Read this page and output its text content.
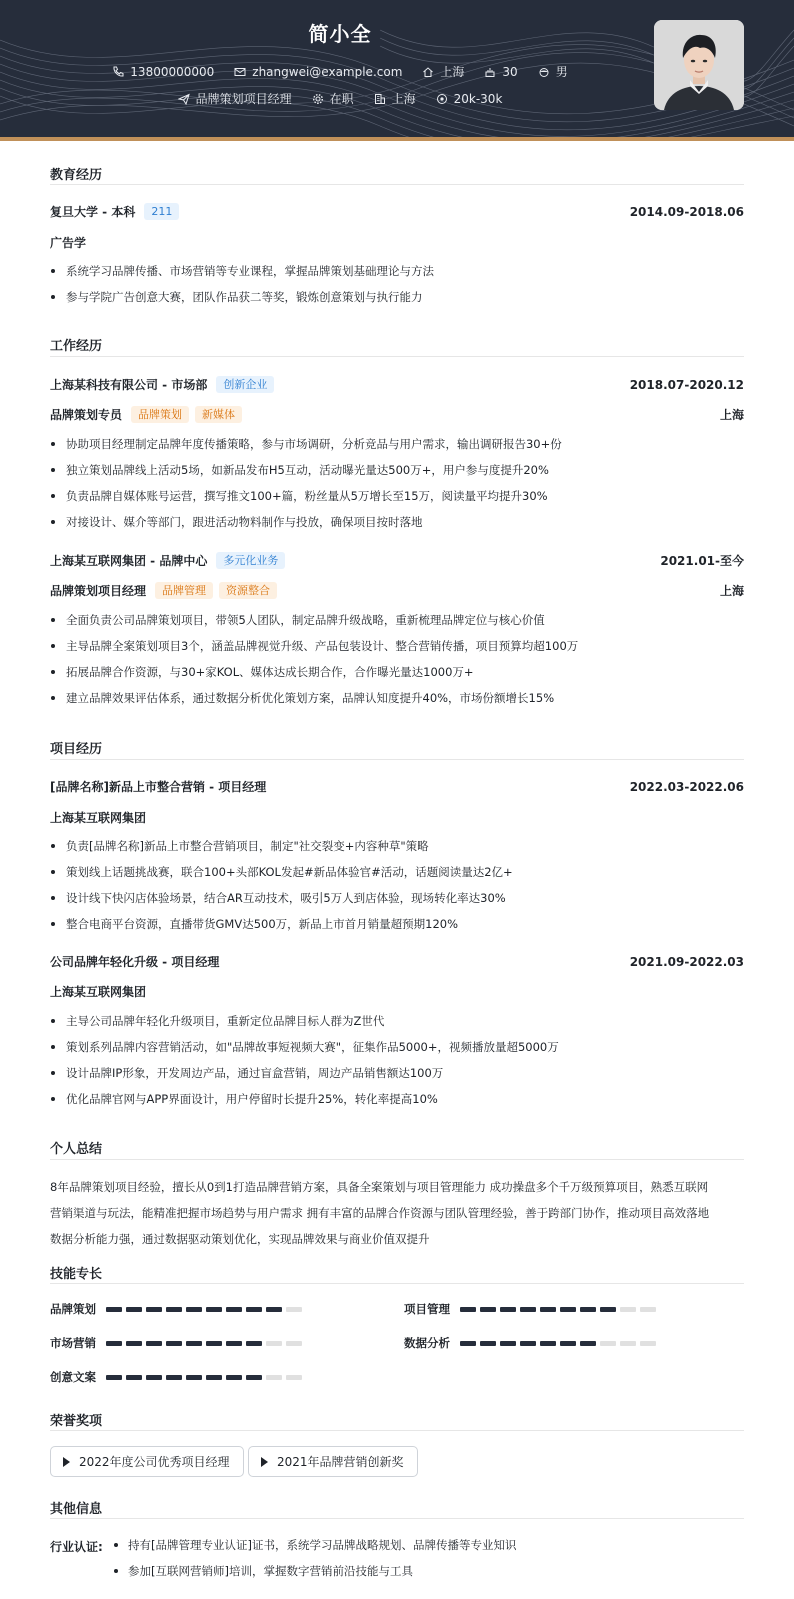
简小全
13800000000	zhangwei@example.com	上海	30	男
品牌策划项目经理	在职	上海	20k-30k
教育经历
复旦大学 - 本科	211	2014.09-2018.06
广告学
系统学习品牌传播、市场营销等专业课程，掌握品牌策划基础理论与方法
参与学院广告创意大赛，团队作品获二等奖，锻炼创意策划与执行能力
工作经历
上海某科技有限公司 - 市场部	创新企业	2018.07-2020.12
品牌策划专员	品牌策划	新媒体	上海
协助项目经理制定品牌年度传播策略，参与市场调研，分析竞品与用户需求，输出调研报告30+份
独立策划品牌线上活动5场，如新品发布H5互动，活动曝光量达500万+，用户参与度提升20%
负责品牌自媒体账号运营，撰写推文100+篇，粉丝量从5万增长至15万，阅读量平均提升30%
对接设计、媒介等部门，跟进活动物料制作与投放，确保项目按时落地
上海某互联网集团 - 品牌中心	多元化业务	2021.01-至今
品牌策划项目经理	品牌管理	资源整合	上海
全面负责公司品牌策划项目，带领5人团队，制定品牌升级战略，重新梳理品牌定位与核心价值
主导品牌全案策划项目3个，涵盖品牌视觉升级、产品包装设计、整合营销传播，项目预算均超100万
拓展品牌合作资源，与30+家KOL、媒体达成长期合作，合作曝光量达1000万+
建立品牌效果评估体系，通过数据分析优化策划方案，品牌认知度提升40%，市场份额增长15%
项目经历
[品牌名称]新品上市整合营销 - 项目经理	2022.03-2022.06
上海某互联网集团
负责[品牌名称]新品上市整合营销项目，制定"社交裂变+内容种草"策略
策划线上话题挑战赛，联合100+头部KOL发起#新品体验官#活动，话题阅读量达2亿+
设计线下快闪店体验场景，结合AR互动技术，吸引5万人到店体验，现场转化率达30%
整合电商平台资源，直播带货GMV达500万，新品上市首月销量超预期120%
公司品牌年轻化升级 - 项目经理	2021.09-2022.03
上海某互联网集团
主导公司品牌年轻化升级项目，重新定位品牌目标人群为Z世代
策划系列品牌内容营销活动，如"品牌故事短视频大赛"，征集作品5000+，视频播放量超5000万
设计品牌IP形象，开发周边产品，通过盲盒营销，周边产品销售额达100万
优化品牌官网与APP界面设计，用户停留时长提升25%，转化率提高10%
个人总结
8年品牌策划项目经验，擅长从0到1打造品牌营销方案，具备全案策划与项目管理能力 成功操盘多个千万级预算项目，熟悉互联网
营销渠道与玩法，能精准把握市场趋势与用户需求 拥有丰富的品牌合作资源与团队管理经验，善于跨部门协作，推动项目高效落地
数据分析能力强，通过数据驱动策划优化，实现品牌效果与商业价值双提升
技能专长
品牌策划	项目管理
市场营销	数据分析
创意文案
荣誉奖项
2022年度公司优秀项目经理	2021年品牌营销创新奖
其他信息
行业认证:	持有[品牌管理专业认证]证书，系统学习品牌战略规划、品牌传播等专业知识
参加[互联网营销师]培训，掌握数字营销前沿技能与工具
